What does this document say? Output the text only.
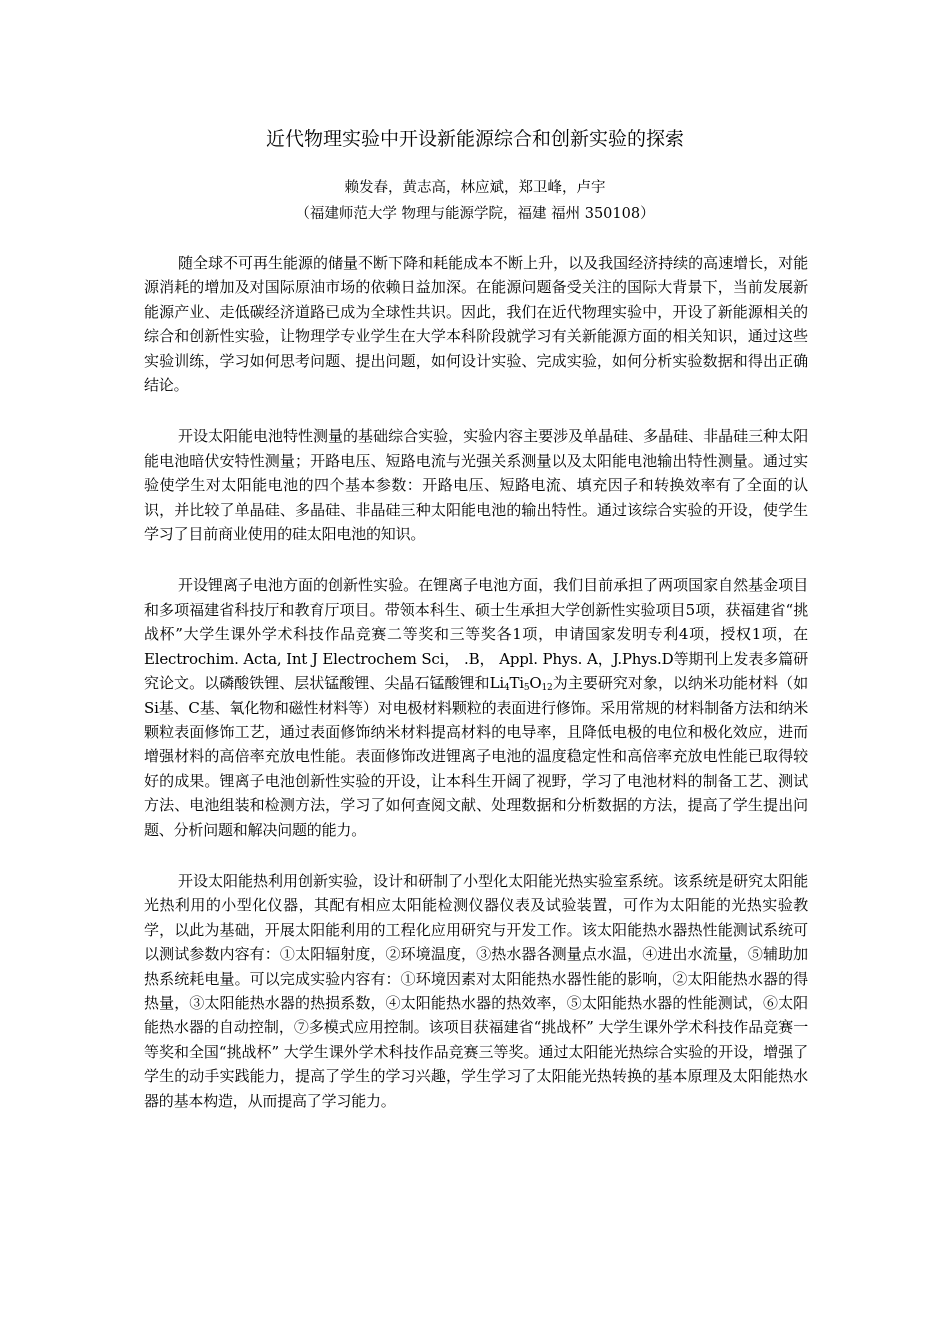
近代物理实验中开设新能源综合和创新实验的探索

赖发春，黄志高，林应斌，郑卫峰，卢宇

（福建师范大学 物理与能源学院，福建 福州 350108）

随全球不可再生能源的储量不断下降和耗能成本不断上升，以及我国经济持续的高速增长，对能源消耗的增加及对国际原油市场的依赖日益加深。在能源问题备受关注的国际大背景下，当前发展新能源产业、走低碳经济道路已成为全球性共识。因此，我们在近代物理实验中，开设了新能源相关的综合和创新性实验，让物理学专业学生在大学本科阶段就学习有关新能源方面的相关知识，通过这些实验训练，学习如何思考问题、提出问题，如何设计实验、完成实验，如何分析实验数据和得出正确结论。

开设太阳能电池特性测量的基础综合实验，实验内容主要涉及单晶硅、多晶硅、非晶硅三种太阳能电池暗伏安特性测量；开路电压、短路电流与光强关系测量以及太阳能电池输出特性测量。通过实验使学生对太阳能电池的四个基本参数：开路电压、短路电流、填充因子和转换效率有了全面的认识，并比较了单晶硅、多晶硅、非晶硅三种太阳能电池的输出特性。通过该综合实验的开设，使学生学习了目前商业使用的硅太阳电池的知识。

开设锂离子电池方面的创新性实验。在锂离子电池方面，我们目前承担了两项国家自然基金项目和多项福建省科技厅和教育厅项目。带领本科生、硕士生承担大学创新性实验项目5项，获福建省“挑战杯”大学生课外学术科技作品竞赛二等奖和三等奖各1项，申请国家发明专利4项，授权1项，在Electrochim. Acta, Int J Electrochem Sci， .B， Appl. Phys. A，J.Phys.D等期刊上发表多篇研究论文。以磷酸铁锂、层状锰酸锂、尖晶石锰酸锂和$Li_4Ti_5O_{12}$为主要研究对象，以纳米功能材料（如Si基、C基、氧化物和磁性材料等）对电极材料颗粒的表面进行修饰。采用常规的材料制备方法和纳米颗粒表面修饰工艺，通过表面修饰纳米材料提高材料的电导率，且降低电极的电位和极化效应，进而增强材料的高倍率充放电性能。表面修饰改进锂离子电池的温度稳定性和高倍率充放电性能已取得较好的成果。锂离子电池创新性实验的开设，让本科生开阔了视野，学习了电池材料的制备工艺、测试方法、电池组装和检测方法，学习了如何查阅文献、处理数据和分析数据的方法，提高了学生提出问题、分析问题和解决问题的能力。

开设太阳能热利用创新实验，设计和研制了小型化太阳能光热实验室系统。该系统是研究太阳能光热利用的小型化仪器，其配有相应太阳能检测仪器仪表及试验装置，可作为太阳能的光热实验教学，以此为基础，开展太阳能利用的工程化应用研究与开发工作。该太阳能热水器热性能测试系统可以测试参数内容有：①太阳辐射度，②环境温度，③热水器各测量点水温，④进出水流量，⑤辅助加热系统耗电量。可以完成实验内容有：①环境因素对太阳能热水器性能的影响，②太阳能热水器的得热量，③太阳能热水器的热损系数，④太阳能热水器的热效率，⑤太阳能热水器的性能测试，⑥太阳能热水器的自动控制，⑦多模式应用控制。该项目获福建省“挑战杯” 大学生课外学术科技作品竞赛一等奖和全国“挑战杯” 大学生课外学术科技作品竞赛三等奖。通过太阳能光热综合实验的开设，增强了学生的动手实践能力，提高了学生的学习兴趣，学生学习了太阳能光热转换的基本原理及太阳能热水器的基本构造，从而提高了学习能力。
